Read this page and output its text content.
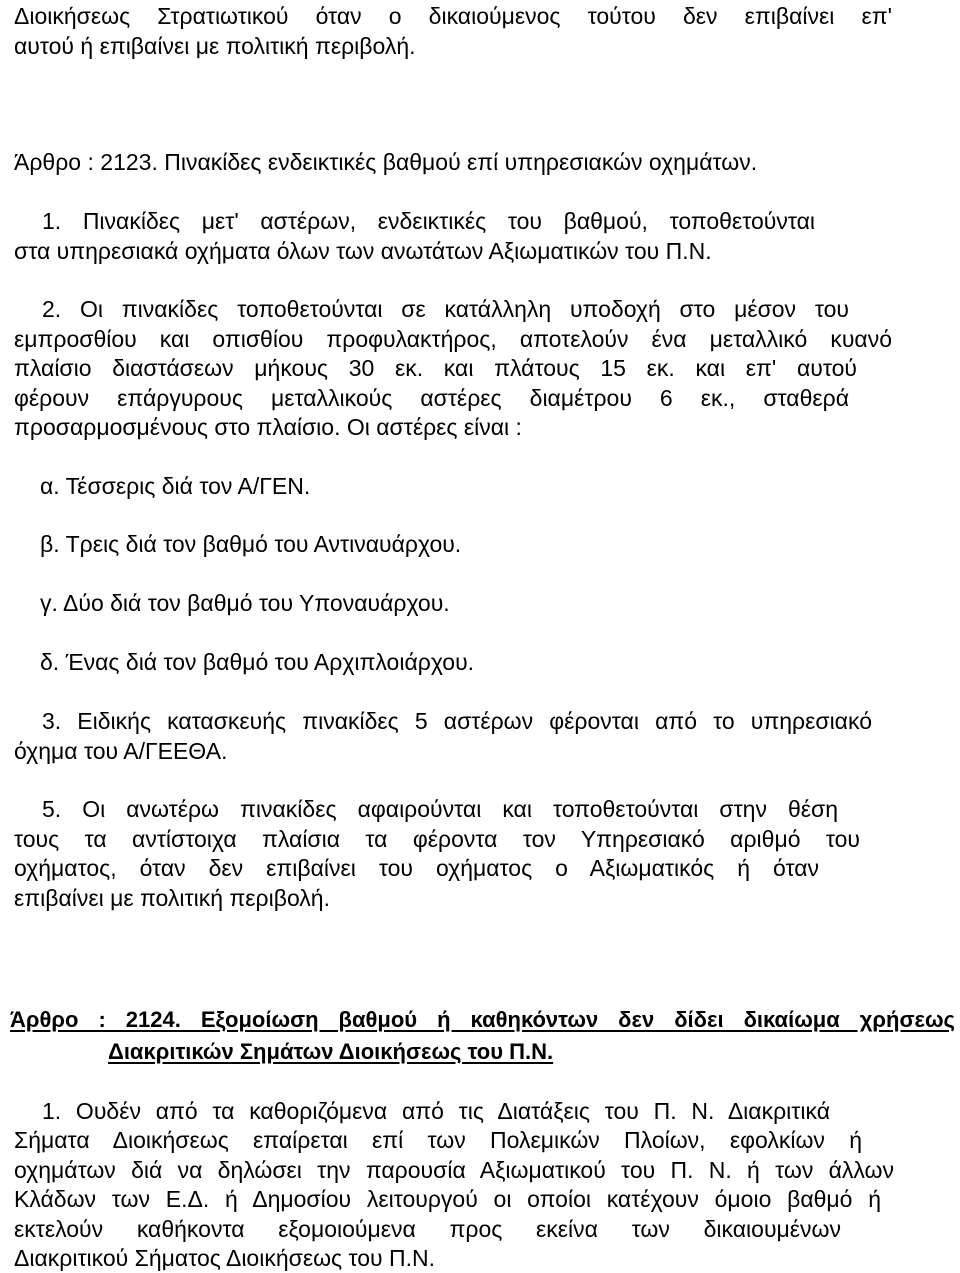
Διοικήσεως Στρατιωτικού όταν ο δικαιούμενος τούτου δεν επιβαίνει επ'
αυτού ή επιβαίνει με πολιτική περιβολή.
Άρθρο : 2123. Πινακίδες ενδεικτικές βαθμού επί υπηρεσιακών οχημάτων.
1. Πινακίδες μετ' αστέρων, ενδεικτικές του βαθμού, τοποθετούνται
στα υπηρεσιακά οχήματα όλων των ανωτάτων Αξιωματικών του Π.Ν.
2. Οι πινακίδες τοποθετούνται σε κατάλληλη υποδοχή στο μέσον του
εμπροσθίου και οπισθίου προφυλακτήρος, αποτελούν ένα μεταλλικό κυανό
πλαίσιο διαστάσεων μήκους 30 εκ. και πλάτους 15 εκ. και επ' αυτού
φέρουν επάργυρους μεταλλικούς αστέρες διαμέτρου 6 εκ., σταθερά
προσαρμοσμένους στο πλαίσιο. Οι αστέρες είναι :
α. Τέσσερις διά τον Α/ΓΕΝ.
β. Τρεις διά τον βαθμό του Αντιναυάρχου.
γ. Δύο διά τον βαθμό του Υποναυάρχου.
δ. Ένας διά τον βαθμό του Αρχιπλοιάρχου.
3. Ειδικής κατασκευής πινακίδες 5 αστέρων φέρονται από το υπηρεσιακό
όχημα του Α/ΓΕΕΘΑ.
5. Οι ανωτέρω πινακίδες αφαιρούνται και τοποθετούνται στην θέση
τους τα αντίστοιχα πλαίσια τα φέροντα τον Υπηρεσιακό αριθμό του
οχήματος, όταν δεν επιβαίνει του οχήματος ο Αξιωματικός ή όταν
επιβαίνει με πολιτική περιβολή.
Άρθρο : 2124. Εξομοίωση βαθμού ή καθηκόντων δεν δίδει δικαίωμα χρήσεως
Διακριτικών Σημάτων Διοικήσεως του Π.Ν.
1. Ουδέν από τα καθοριζόμενα από τις Διατάξεις του Π. Ν. Διακριτικά
Σήματα Διοικήσεως επαίρεται επί των Πολεμικών Πλοίων, εφολκίων ή
οχημάτων διά να δηλώσει την παρουσία Αξιωματικού του Π. Ν. ή των άλλων
Κλάδων των Ε.Δ. ή Δημοσίου λειτουργού οι οποίοι κατέχουν όμοιο βαθμό ή
εκτελούν καθήκοντα εξομοιούμενα προς εκείνα των δικαιουμένων
Διακριτικού Σήματος Διοικήσεως του Π.Ν.
